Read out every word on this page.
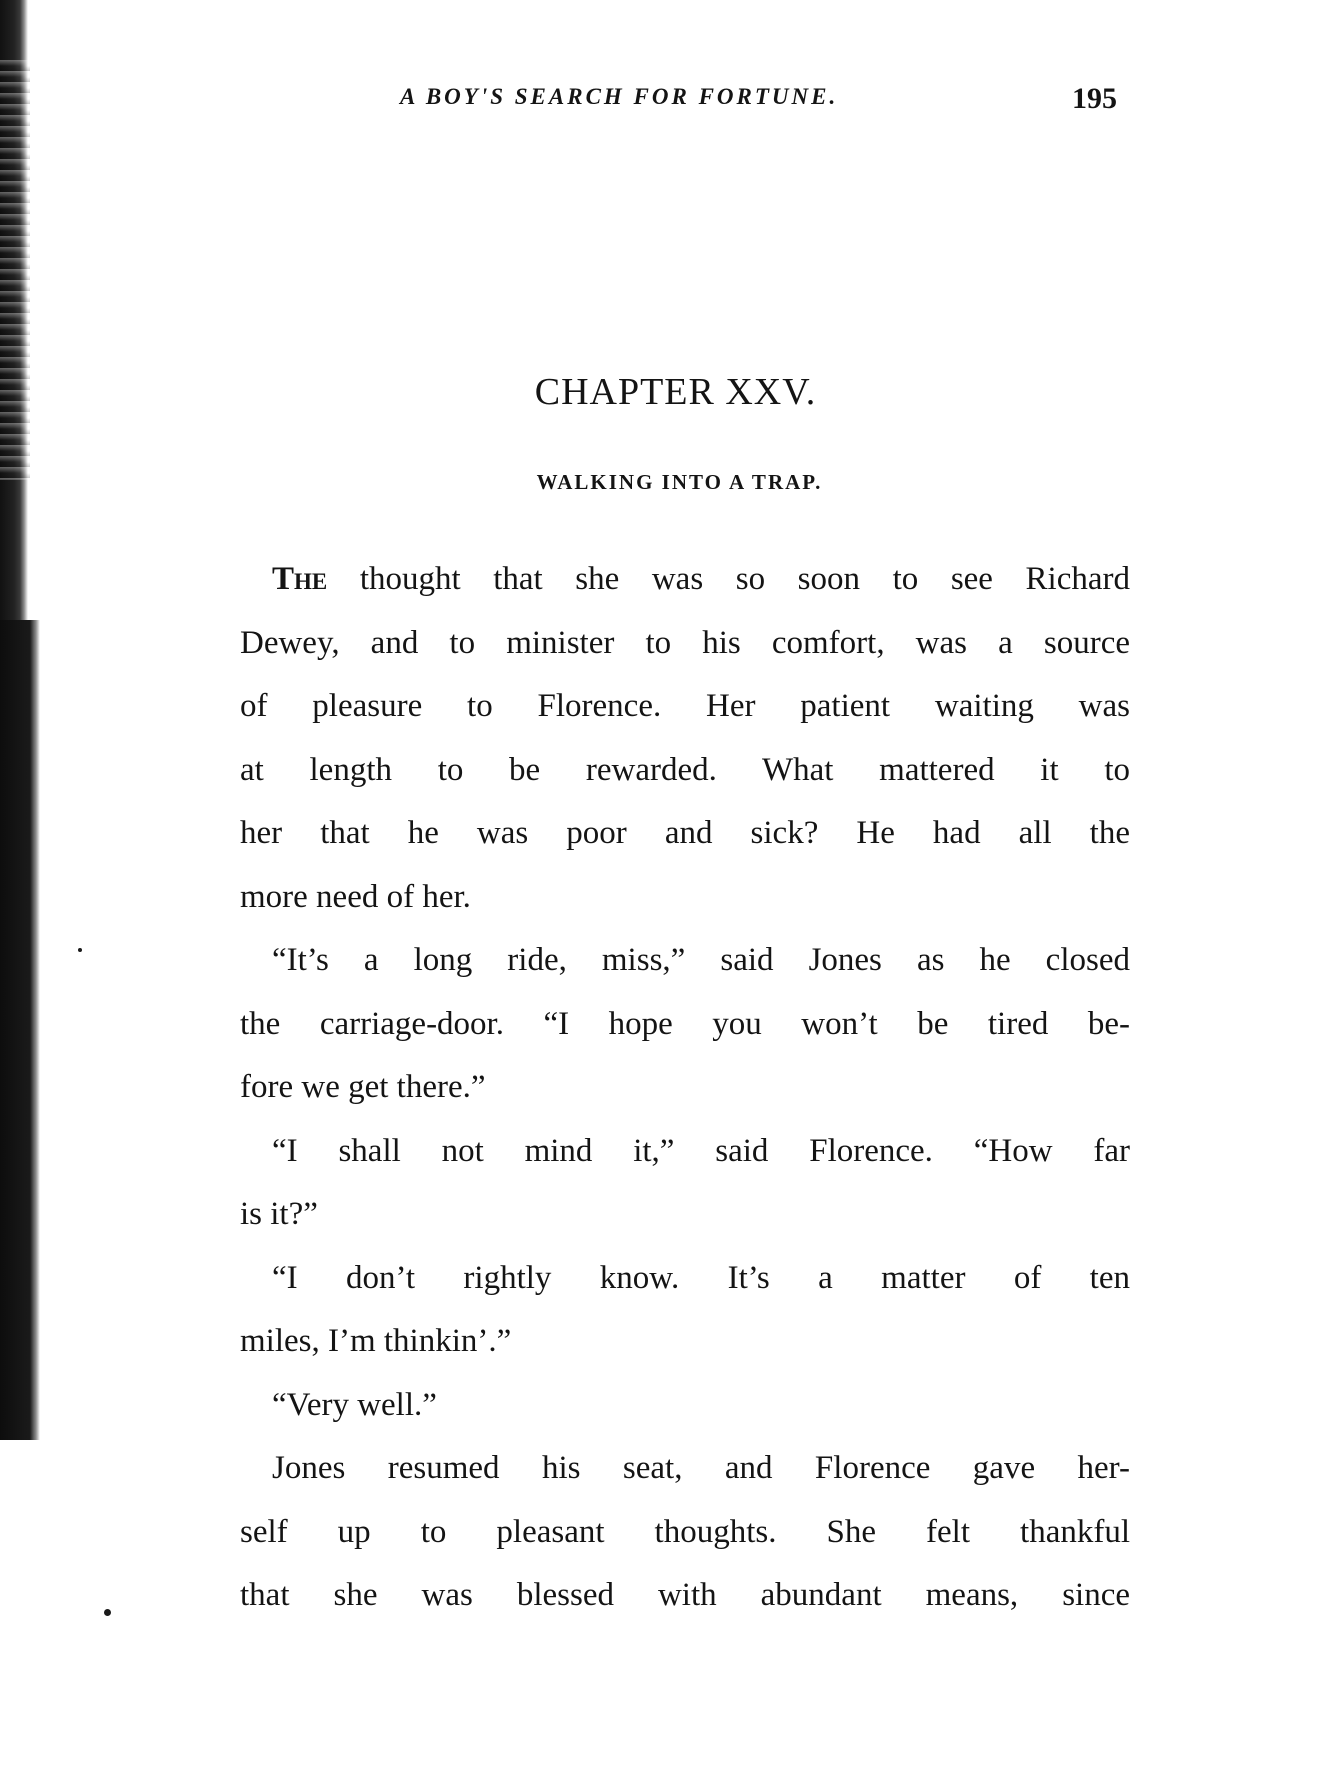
A BOY'S SEARCH FOR FORTUNE.	195
CHAPTER XXV.
WALKING INTO A TRAP.
The thought that she was so soon to see Richard
Dewey, and to minister to his comfort, was a source
of pleasure to Florence. Her patient waiting was
at length to be rewarded. What mattered it to
her that he was poor and sick? He had all the
more need of her.
“It’s a long ride, miss,” said Jones as he closed
the carriage-door. “I hope you won’t be tired be-
fore we get there.”
“I shall not mind it,” said Florence. “How far
is it?”
“I don’t rightly know. It’s a matter of ten
miles, I’m thinkin’.”
“Very well.”
Jones resumed his seat, and Florence gave her-
self up to pleasant thoughts. She felt thankful
that she was blessed with abundant means, since
